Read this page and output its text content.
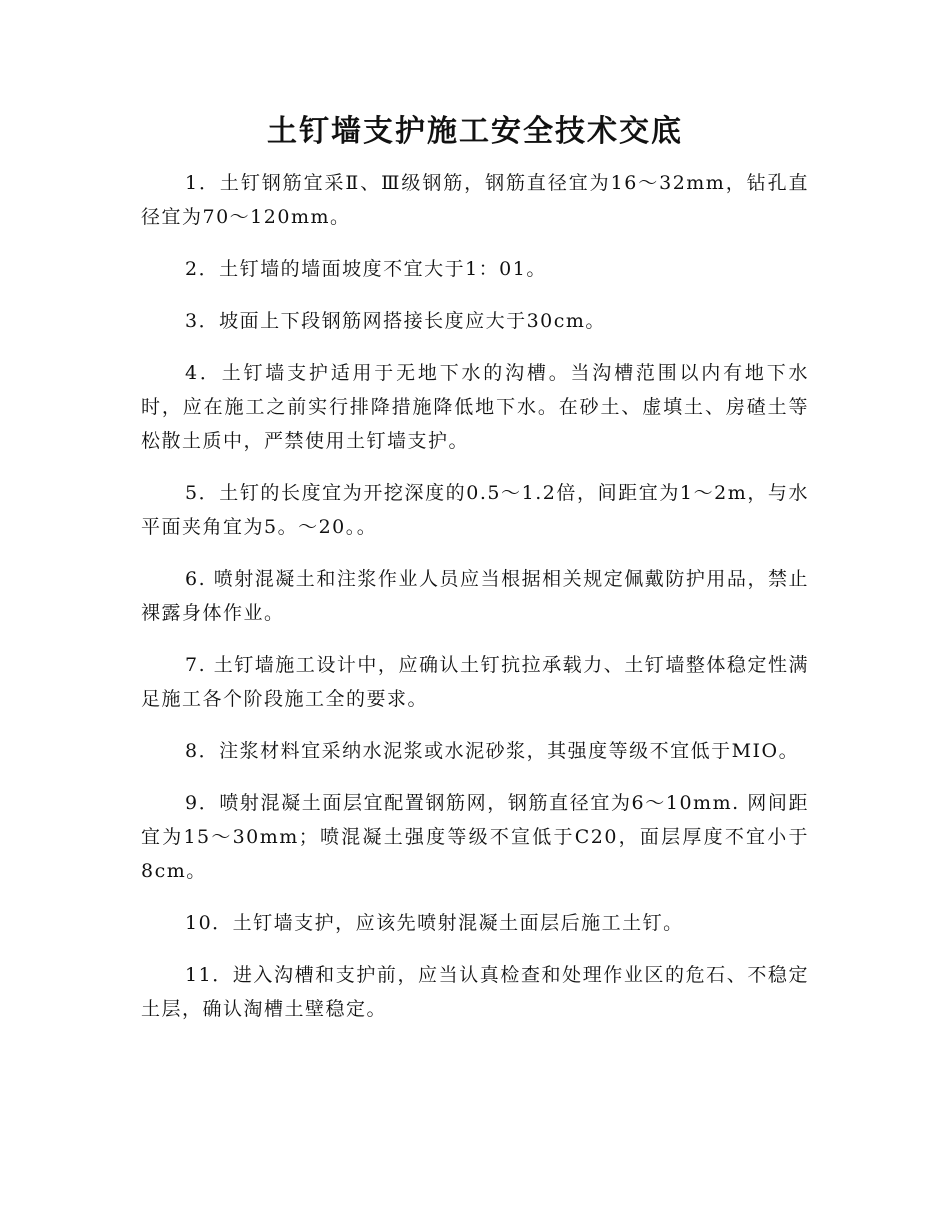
土钉墙支护施工安全技术交底

1．土钉钢筋宜采Ⅱ、Ⅲ级钢筋，钢筋直径宜为16～32mm，钻孔直径宜为70～120mm。

2．土钉墙的墙面坡度不宜大于1：01。

3．坡面上下段钢筋网搭接长度应大于30cm。

4．土钉墙支护适用于无地下水的沟槽。当沟槽范围以内有地下水时，应在施工之前实行排降措施降低地下水。在砂土、虚填土、房碴土等松散土质中，严禁使用土钉墙支护。

5．土钉的长度宜为开挖深度的0.5～1.2倍，间距宜为1～2m，与水平面夹角宜为5。～20。。

6. 喷射混凝土和注浆作业人员应当根据相关规定佩戴防护用品，禁止裸露身体作业。

7. 土钉墙施工设计中，应确认土钉抗拉承载力、土钉墙整体稳定性满足施工各个阶段施工全的要求。

8．注浆材料宜采纳水泥浆或水泥砂浆，其强度等级不宜低于MIO。

9．喷射混凝土面层宜配置钢筋网，钢筋直径宜为6～10mm. 网间距宜为15～30mm；喷混凝土强度等级不宣低于C20，面层厚度不宜小于8cm。

10．土钉墙支护，应该先喷射混凝土面层后施工土钉。

11．进入沟槽和支护前，应当认真检查和处理作业区的危石、不稳定土层，确认淘槽土壁稳定。
